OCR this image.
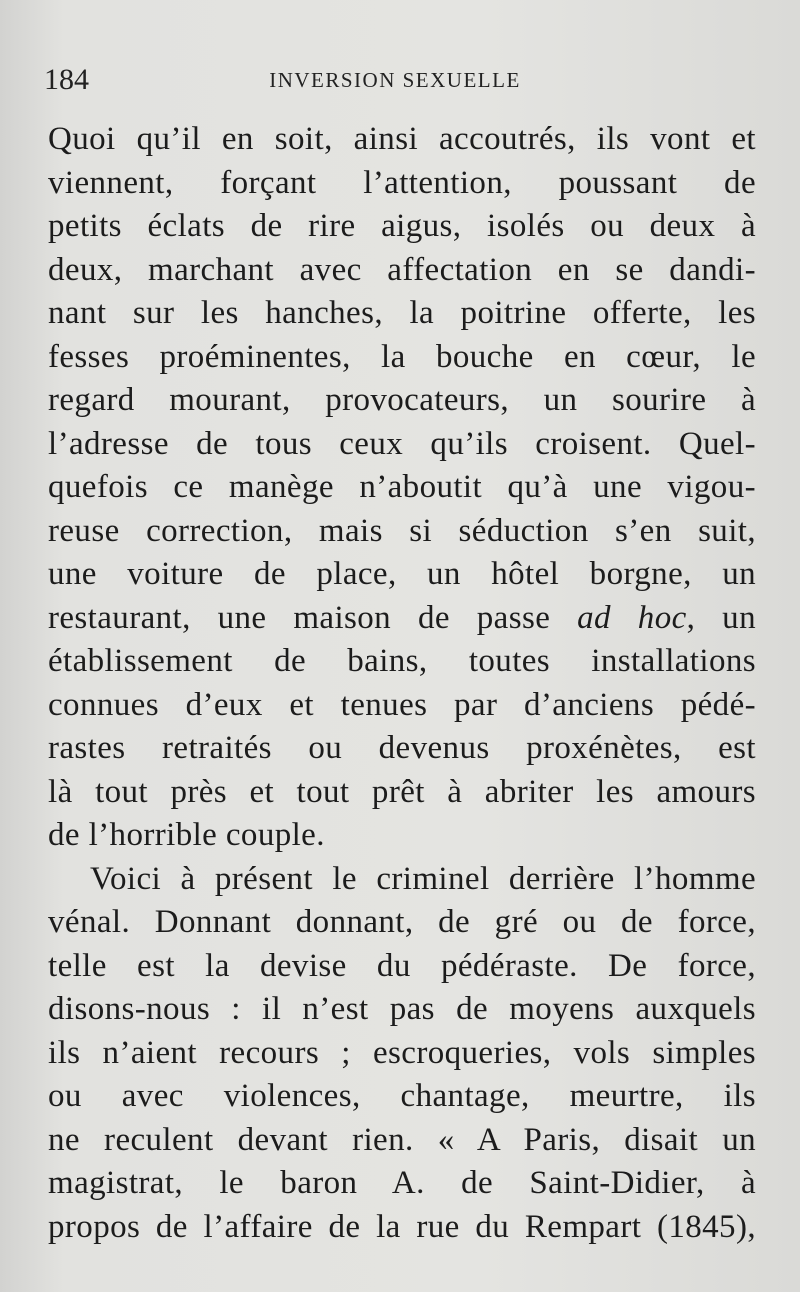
184	INVERSION SEXUELLE
Quoi qu’il en soit, ainsi accoutrés, ils vont et
viennent, forçant l’attention, poussant de
petits éclats de rire aigus, isolés ou deux à
deux, marchant avec affectation en se dandi-
nant sur les hanches, la poitrine offerte, les
fesses proéminentes, la bouche en cœur, le
regard mourant, provocateurs, un sourire à
l’adresse de tous ceux qu’ils croisent. Quel-
quefois ce manège n’aboutit qu’à une vigou-
reuse correction, mais si séduction s’en suit,
une voiture de place, un hôtel borgne, un
restaurant, une maison de passe ad hoc, un
établissement de bains, toutes installations
connues d’eux et tenues par d’anciens pédé-
rastes retraités ou devenus proxénètes, est
là tout près et tout prêt à abriter les amours
de l’horrible couple.
Voici à présent le criminel derrière l’homme
vénal. Donnant donnant, de gré ou de force,
telle est la devise du pédéraste. De force,
disons-nous : il n’est pas de moyens auxquels
ils n’aient recours ; escroqueries, vols simples
ou avec violences, chantage, meurtre, ils
ne reculent devant rien. « A Paris, disait un
magistrat, le baron A. de Saint-Didier, à
propos de l’affaire de la rue du Rempart (1845),
